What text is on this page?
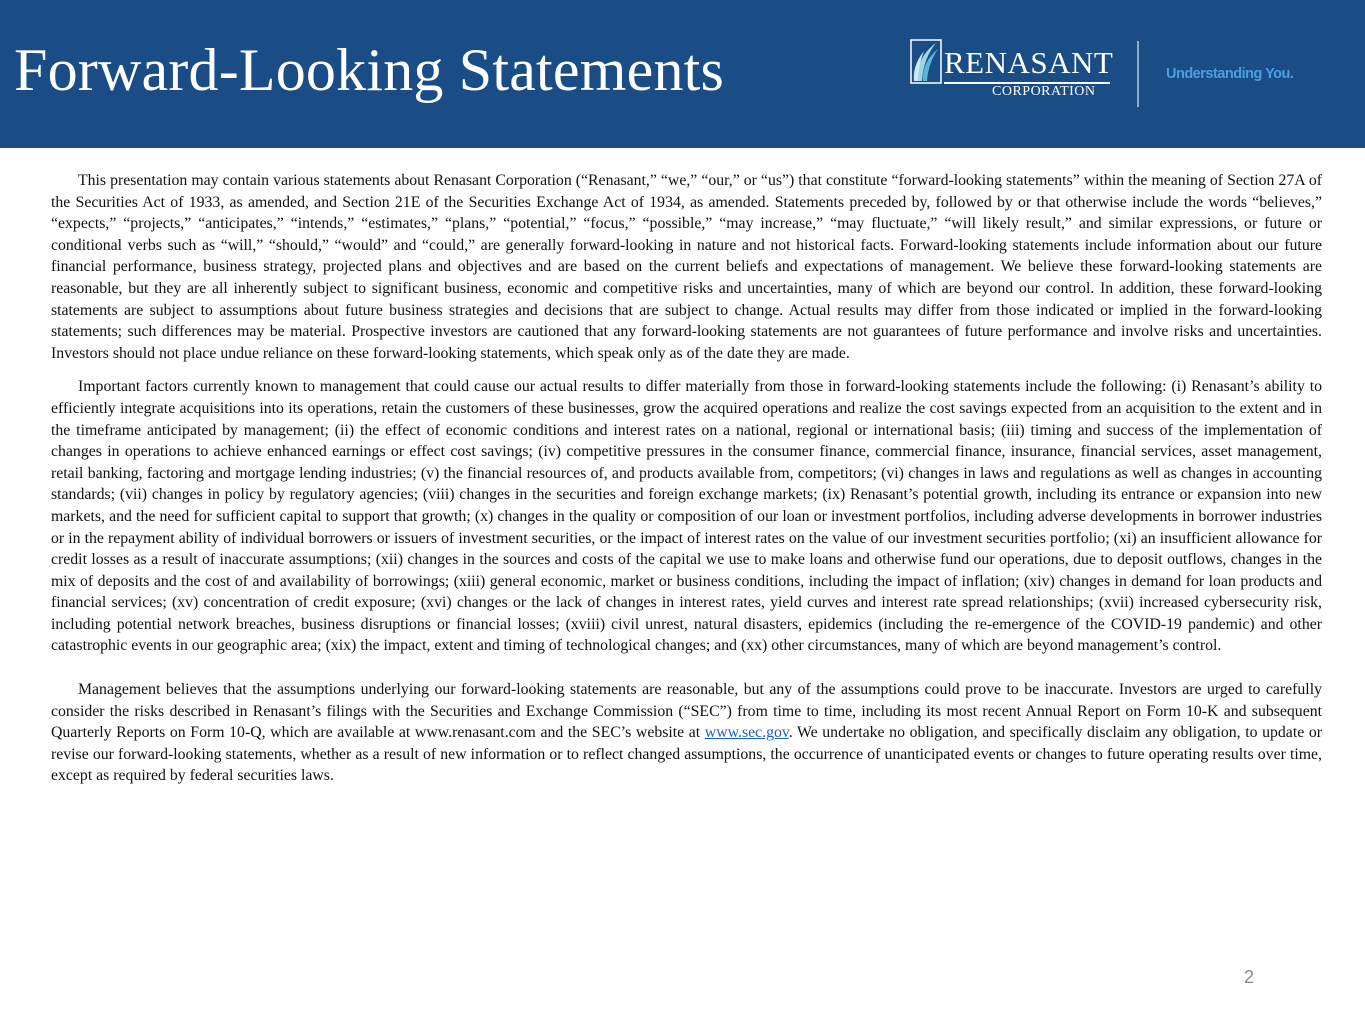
Forward-Looking Statements	RENASANT
CORPORATION
Understanding You.

This presentation may contain various statements about Renasant Corporation (“Renasant,” “we,” “our,” or “us”) that constitute “forward-looking statements” within the meaning of Section 27A of the Securities Act of 1933, as amended, and Section 21E of the Securities Exchange Act of 1934, as amended. Statements preceded by, followed by or that otherwise include the words “believes,” “expects,” “projects,” “anticipates,” “intends,” “estimates,” “plans,” “potential,” “focus,” “possible,” “may increase,” “may fluctuate,” “will likely result,” and similar expressions, or future or conditional verbs such as “will,” “should,” “would” and “could,” are generally forward-looking in nature and not historical facts. Forward-looking statements include information about our future financial performance, business strategy, projected plans and objectives and are based on the current beliefs and expectations of management. We believe these forward-looking statements are reasonable, but they are all inherently subject to significant business, economic and competitive risks and uncertainties, many of which are beyond our control. In addition, these forward-looking statements are subject to assumptions about future business strategies and decisions that are subject to change. Actual results may differ from those indicated or implied in the forward-looking statements; such differences may be material. Prospective investors are cautioned that any forward-looking statements are not guarantees of future performance and involve risks and uncertainties. Investors should not place undue reliance on these forward-looking statements, which speak only as of the date they are made.

Important factors currently known to management that could cause our actual results to differ materially from those in forward-looking statements include the following: (i) Renasant’s ability to efficiently integrate acquisitions into its operations, retain the customers of these businesses, grow the acquired operations and realize the cost savings expected from an acquisition to the extent and in the timeframe anticipated by management; (ii) the effect of economic conditions and interest rates on a national, regional or international basis; (iii) timing and success of the implementation of changes in operations to achieve enhanced earnings or effect cost savings; (iv) competitive pressures in the consumer finance, commercial finance, insurance, financial services, asset management, retail banking, factoring and mortgage lending industries; (v) the financial resources of, and products available from, competitors; (vi) changes in laws and regulations as well as changes in accounting standards; (vii) changes in policy by regulatory agencies; (viii) changes in the securities and foreign exchange markets; (ix) Renasant’s potential growth, including its entrance or expansion into new markets, and the need for sufficient capital to support that growth; (x) changes in the quality or composition of our loan or investment portfolios, including adverse developments in borrower industries or in the repayment ability of individual borrowers or issuers of investment securities, or the impact of interest rates on the value of our investment securities portfolio; (xi) an insufficient allowance for credit losses as a result of inaccurate assumptions; (xii) changes in the sources and costs of the capital we use to make loans and otherwise fund our operations, due to deposit outflows, changes in the mix of deposits and the cost of and availability of borrowings; (xiii) general economic, market or business conditions, including the impact of inflation; (xiv) changes in demand for loan products and financial services; (xv) concentration of credit exposure; (xvi) changes or the lack of changes in interest rates, yield curves and interest rate spread relationships; (xvii) increased cybersecurity risk, including potential network breaches, business disruptions or financial losses; (xviii) civil unrest, natural disasters, epidemics (including the re-emergence of the COVID-19 pandemic) and other catastrophic events in our geographic area; (xix) the impact, extent and timing of technological changes; and (xx) other circumstances, many of which are beyond management’s control.

Management believes that the assumptions underlying our forward-looking statements are reasonable, but any of the assumptions could prove to be inaccurate. Investors are urged to carefully consider the risks described in Renasant’s filings with the Securities and Exchange Commission (“SEC”) from time to time, including its most recent Annual Report on Form 10-K and subsequent Quarterly Reports on Form 10-Q, which are available at www.renasant.com and the SEC’s website at www.sec.gov. We undertake no obligation, and specifically disclaim any obligation, to update or revise our forward-looking statements, whether as a result of new information or to reflect changed assumptions, the occurrence of unanticipated events or changes to future operating results over time, except as required by federal securities laws.

2
